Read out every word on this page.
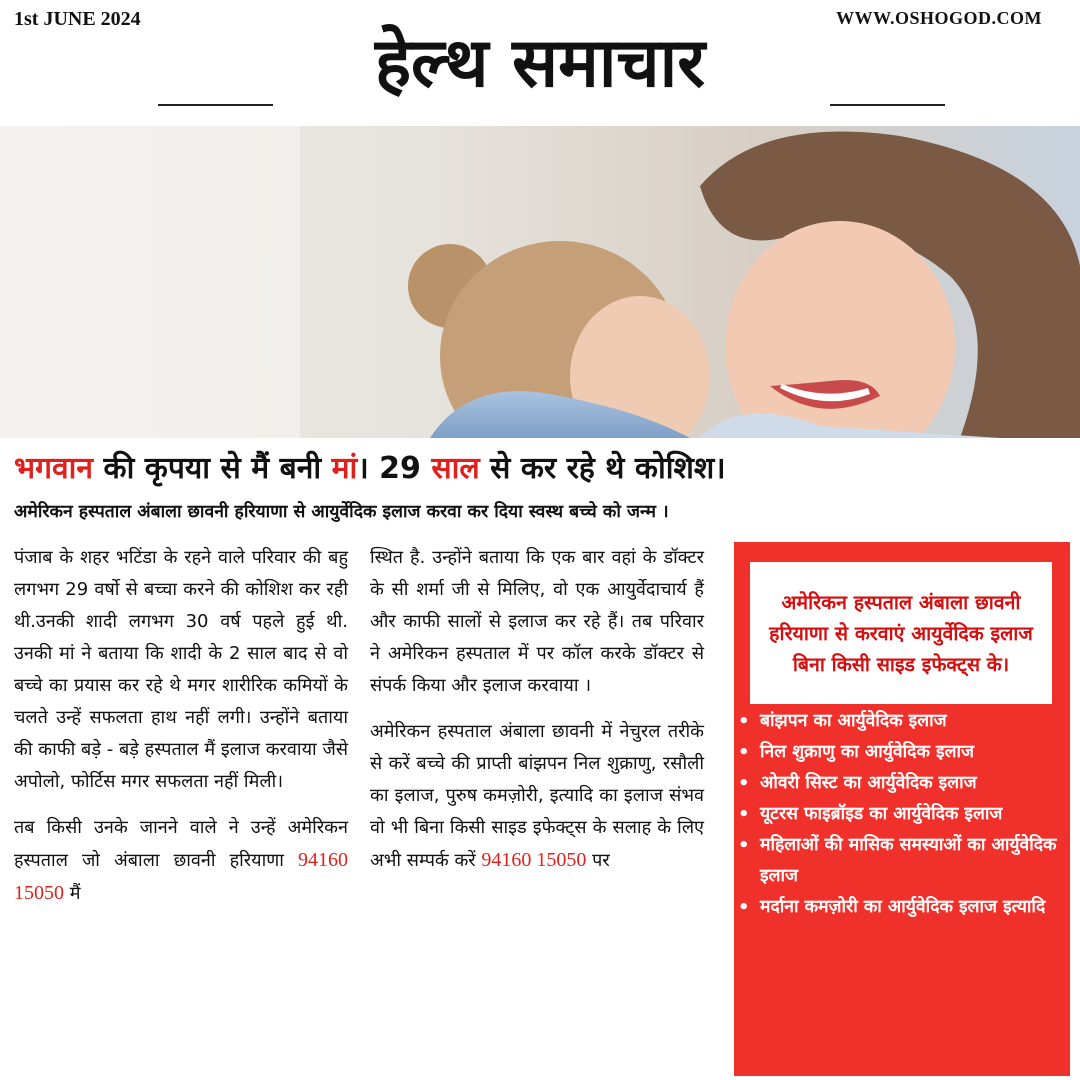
1st JUNE 2024	WWW.OSHOGOD.COM
हेल्थ समाचार
भगवान की कृपया से मैं बनी मां। 29 साल से कर रहे थे कोशिश।
अमेरिकन हस्पताल अंबाला छावनी हरियाणा से आयुर्वेदिक इलाज करवा कर दिया स्वस्थ बच्चे को जन्म ।

पंजाब के शहर भटिंडा के रहने वाले परिवार की बहु लगभग 29 वर्षो से बच्चा करने की कोशिश कर रही थी.उनकी शादी लगभग 30 वर्ष पहले हुई थी. उनकी मां ने बताया कि शादी के 2 साल बाद से वो बच्चे का प्रयास कर रहे थे मगर शारीरिक कमियों के चलते उन्हें सफलता हाथ नहीं लगी। उन्होंने बताया की काफी बड़े - बड़े हस्पताल मैं इलाज करवाया जैसे अपोलो, फोर्टिस मगर सफलता नहीं मिली।

तब किसी उनके जानने वाले ने उन्हें अमेरिकन हस्पताल जो अंबाला छावनी हरियाणा 94160 15050 मैं

स्थित है. उन्होंने बताया कि एक बार वहां के डॉक्टर के सी शर्मा जी से मिलिए, वो एक आयुर्वेदाचार्य हैं और काफी सालों से इलाज कर रहे हैं। तब परिवार ने अमेरिकन हस्पताल में पर कॉल करके डॉक्टर से संपर्क किया और इलाज करवाया ।

अमेरिकन हस्पताल अंबाला छावनी में नेचुरल तरीके से करें बच्चे की प्राप्ती बांझपन निल शुक्राणु, रसौली का इलाज, पुरुष कमज़ोरी, इत्यादि का इलाज संभव वो भी बिना किसी साइड इफेक्ट्स के सलाह के लिए अभी सम्पर्क करें 94160 15050 पर

अमेरिकन हस्पताल अंबाला छावनी हरियाणा से करवाएं आयुर्वेदिक इलाज बिना किसी साइड इफेक्ट्स के।
• बांझपन का आर्युवेदिक इलाज
• निल शुक्राणु का आर्युवेदिक इलाज
• ओवरी सिस्ट का आर्युवेदिक इलाज
• यूटरस फाइब्रॉइड का आर्युवेदिक इलाज
• महिलाओं की मासिक समस्याओं का आर्युवेदिक इलाज
• मर्दाना कमज़ोरी का आर्युवेदिक इलाज इत्यादि
